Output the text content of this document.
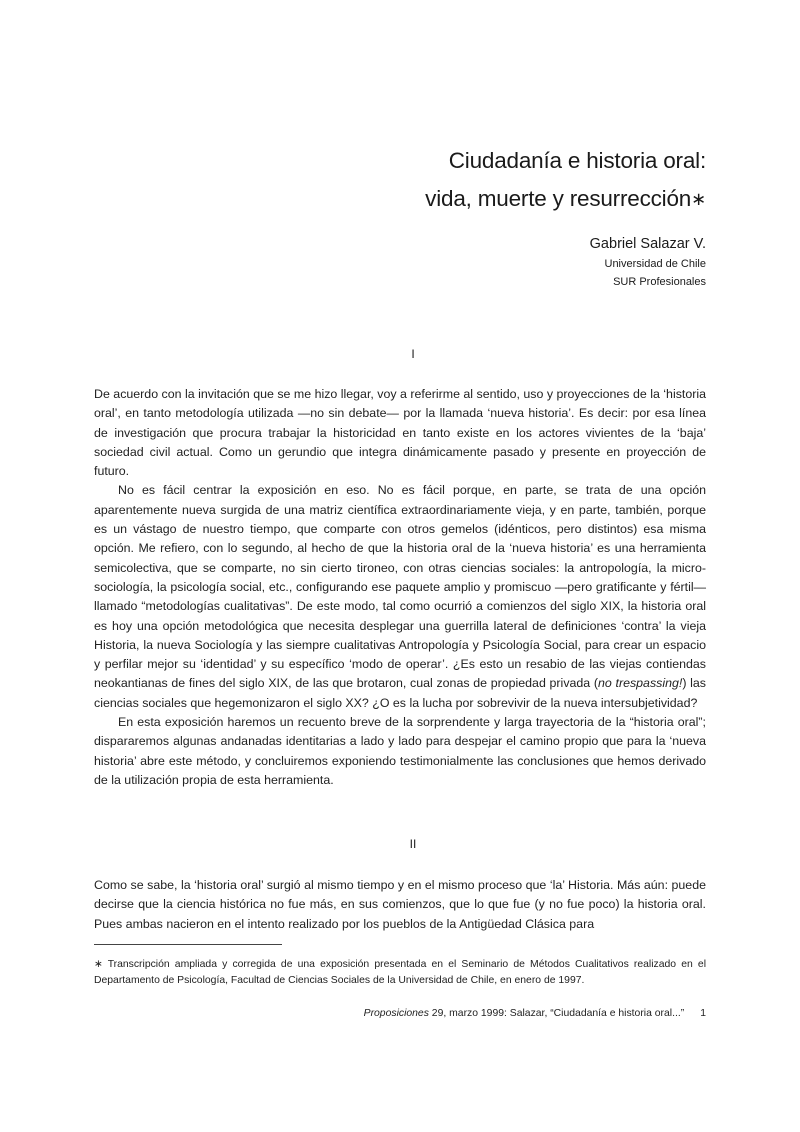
Ciudadanía e historia oral:
vida, muerte y resurrección∗
Gabriel Salazar V.
Universidad de Chile
SUR Profesionales
I

De acuerdo con la invitación que se me hizo llegar, voy a referirme al sentido, uso y proyecciones de la ‘historia oral’, en tanto metodología utilizada —no sin debate— por la llamada ‘nueva historia’. Es decir: por esa línea de investigación que procura trabajar la historicidad en tanto existe en los actores vivientes de la ‘baja’ sociedad civil actual. Como un gerundio que integra dinámicamente pasado y presente en proyección de futuro.

No es fácil centrar la exposición en eso. No es fácil porque, en parte, se trata de una opción aparentemente nueva surgida de una matriz científica extraordinariamente vieja, y en parte, también, porque es un vástago de nuestro tiempo, que comparte con otros gemelos (idénticos, pero distintos) esa misma opción. Me refiero, con lo segundo, al hecho de que la historia oral de la ‘nueva historia’ es una herramienta semicolectiva, que se comparte, no sin cierto tironeo, con otras ciencias sociales: la antropología, la micro-sociología, la psicología social, etc., configurando ese paquete amplio y promiscuo —pero gratificante y fértil— llamado “metodologías cualitativas”. De este modo, tal como ocurrió a comienzos del siglo XIX, la historia oral es hoy una opción metodológica que necesita desplegar una guerrilla lateral de definiciones ‘contra’ la vieja Historia, la nueva Sociología y las siempre cualitativas Antropología y Psicología Social, para crear un espacio y perfilar mejor su ‘identidad’ y su específico ‘modo de operar’. ¿Es esto un resabio de las viejas contiendas neokantianas de fines del siglo XIX, de las que brotaron, cual zonas de propiedad privada (no trespassing!) las ciencias sociales que hegemonizaron el siglo XX? ¿O es la lucha por sobrevivir de la nueva intersubjetividad?

En esta exposición haremos un recuento breve de la sorprendente y larga trayectoria de la “historia oral”; dispararemos algunas andanadas identitarias a lado y lado para despejar el camino propio que para la ‘nueva historia’ abre este método, y concluiremos exponiendo testimonialmente las conclusiones que hemos derivado de la utilización propia de esta herramienta.

II

Como se sabe, la ‘historia oral’ surgió al mismo tiempo y en el mismo proceso que ‘la’ Historia. Más aún: puede decirse que la ciencia histórica no fue más, en sus comienzos, que lo que fue (y no fue poco) la historia oral. Pues ambas nacieron en el intento realizado por los pueblos de la Antigüedad Clásica para

∗ Transcripción ampliada y corregida de una exposición presentada en el Seminario de Métodos Cualitativos realizado en el Departamento de Psicología, Facultad de Ciencias Sociales de la Universidad de Chile, en enero de 1997.
Proposiciones 29, marzo 1999: Salazar, “Ciudadanía e historia oral...” 1
